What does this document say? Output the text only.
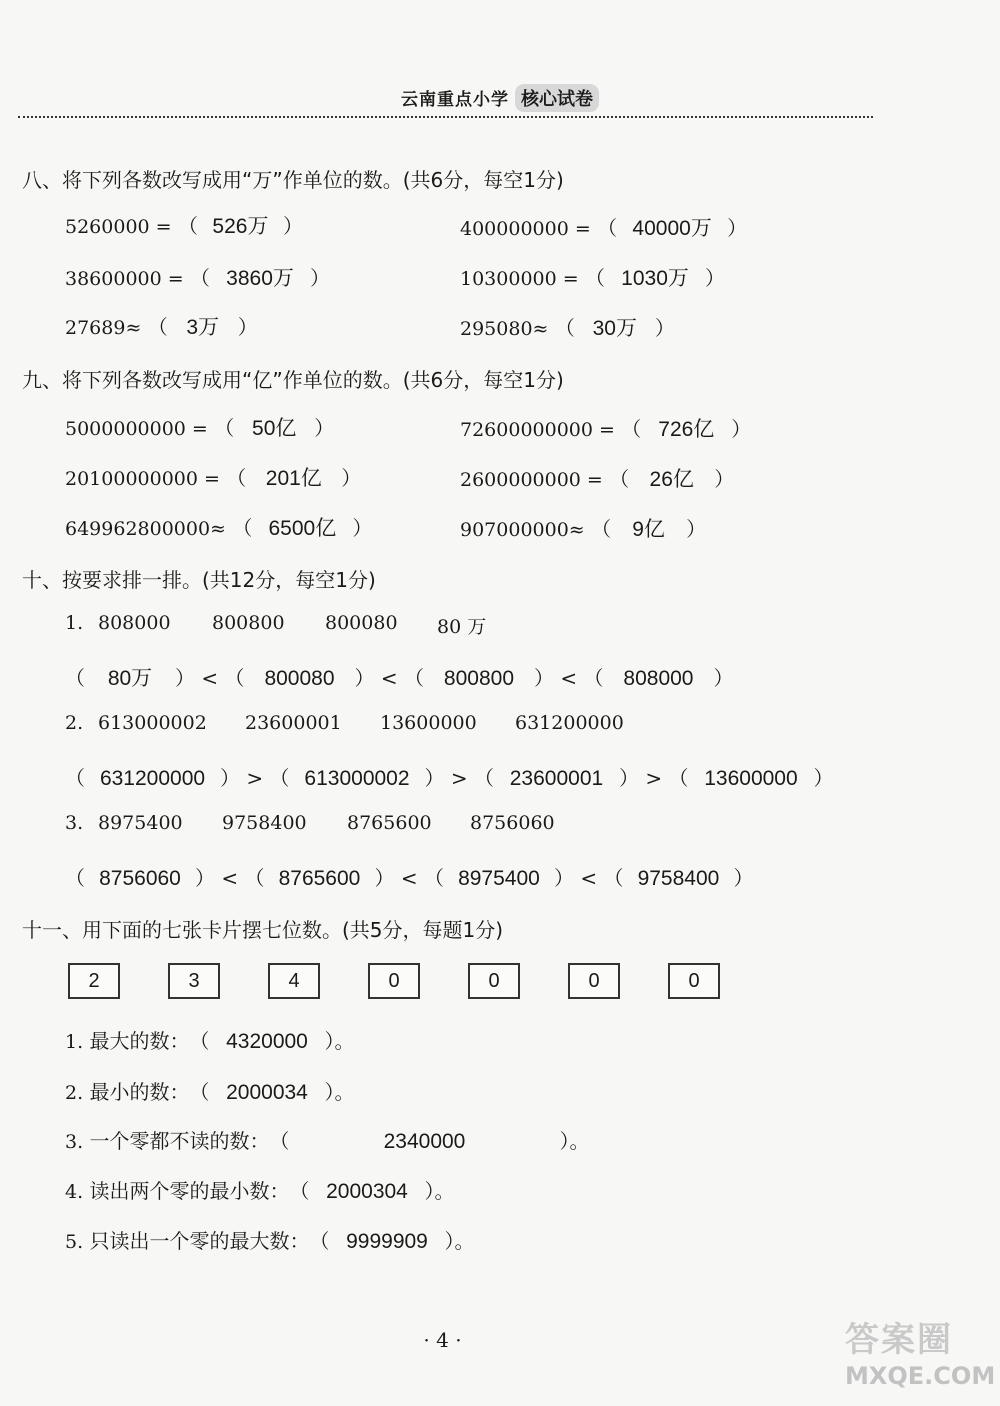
云南重点小学 核心试卷
八、将下列各数改写成用“万”作单位的数。(共6分，每空1分)
5260000 = （ 526万 ）	400000000 = （ 40000万 ）
38600000 = （ 3860万 ）	10300000 = （ 1030万 ）
27689≈ （ 3万 ）	295080≈ （ 30万 ）
九、将下列各数改写成用“亿”作单位的数。(共6分，每空1分)
5000000000 = （ 50亿 ）	72600000000 = （ 726亿 ）
20100000000 = （ 201亿 ）	2600000000 = （ 26亿 ）
649962800000≈ （ 6500亿 ）	907000000≈ （ 9亿 ）
十、按要求排一排。(共12分，每空1分)
1. 808000 800800 800080 80 万
（ 80万 ） < （ 800080 ） < （ 800800 ） < （ 808000 ）
2. 613000002 23600001 13600000 631200000
（ 631200000 ） > （ 613000002 ） > （ 23600001 ） > （ 13600000 ）
3. 8975400 9758400 8765600 8756060
（ 8756060 ） < （ 8765600 ） < （ 8975400 ） < （ 9758400 ）
十一、用下面的七张卡片摆七位数。(共5分，每题1分)
2	3	4	0	0	0	0
1. 最大的数：（ 4320000 ）。
2. 最小的数：（ 2000034 ）。
3. 一个零都不读的数：（	2340000	）。
4. 读出两个零的最小数：（ 2000304 ）。
5. 只读出一个零的最大数：（ 9999909 ）。
· 4 ·	答案圈
MXQE.COM
